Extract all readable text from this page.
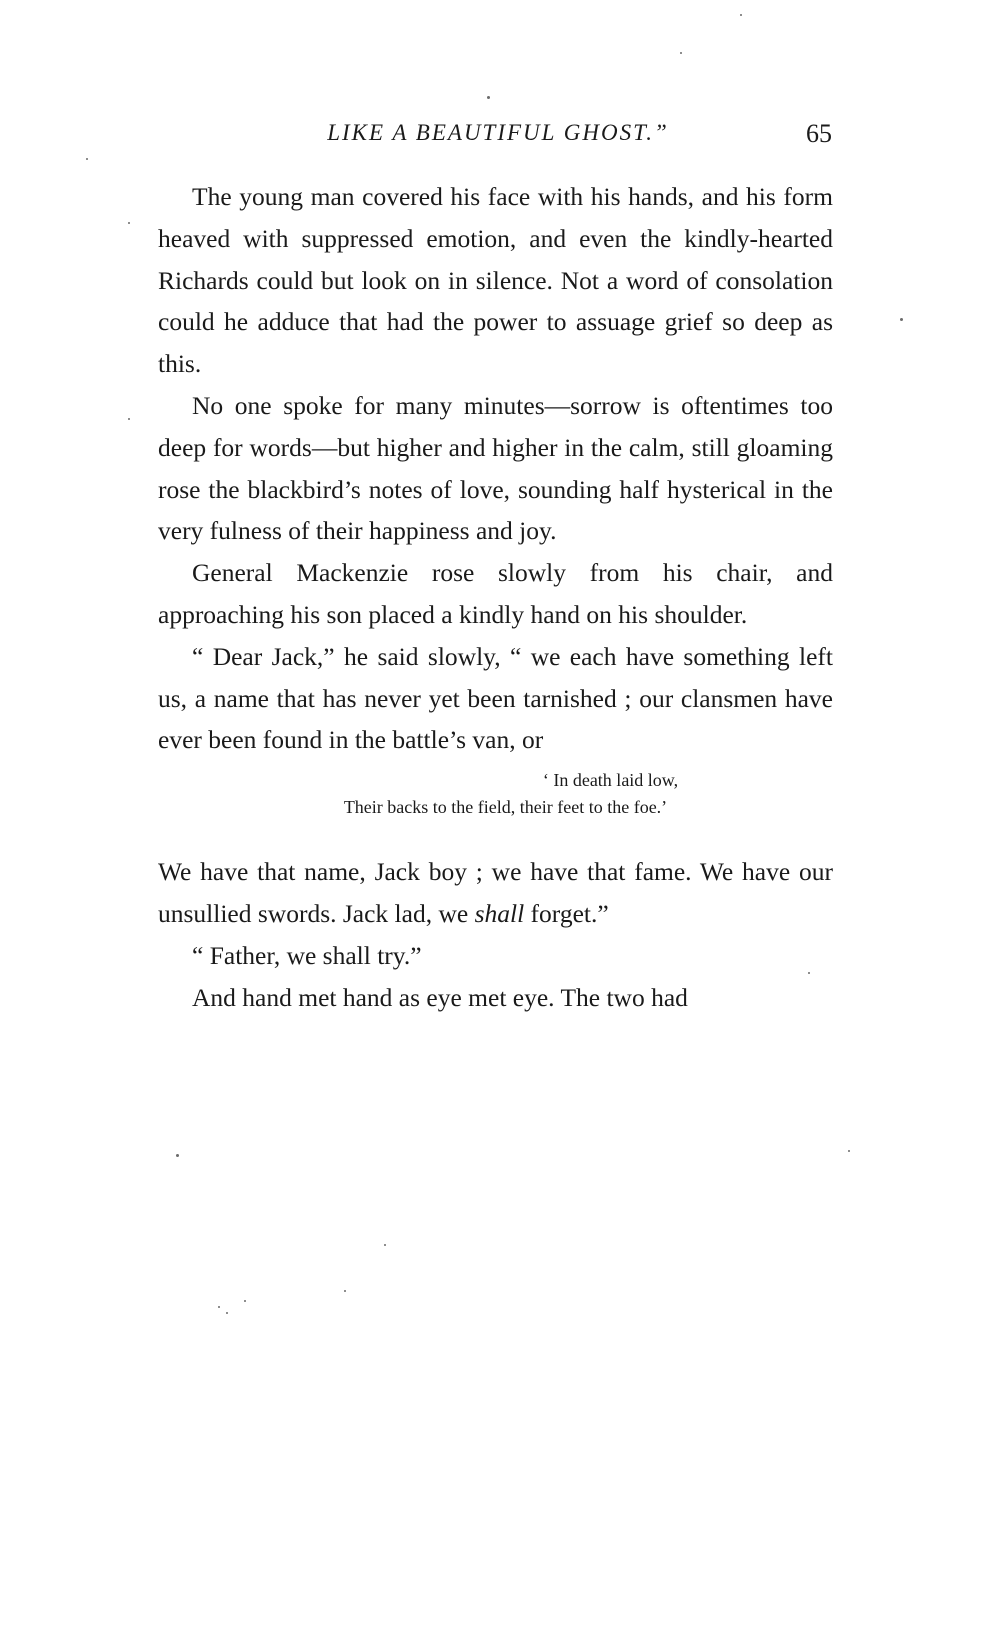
LIKE A BEAUTIFUL GHOST.”	65

The young man covered his face with his hands, and his form heaved with suppressed emotion, and even the kindly-hearted Richards could but look on in silence. Not a word of consolation could he adduce that had the power to assuage grief so deep as this.

No one spoke for many minutes—sorrow is oftentimes too deep for words—but higher and higher in the calm, still gloaming rose the blackbird’s notes of love, sounding half hysterical in the very fulness of their happiness and joy.

General Mackenzie rose slowly from his chair, and approaching his son placed a kindly hand on his shoulder.

“ Dear Jack,” he said slowly, “ we each have something left us, a name that has never yet been tarnished ; our clansmen have ever been found in the battle’s van, or

‘ In death laid low,
Their backs to the field, their feet to the foe.’

We have that name, Jack boy ; we have that fame. We have our unsullied swords. Jack lad, we shall forget.”

“ Father, we shall try.”

And hand met hand as eye met eye. The two had
